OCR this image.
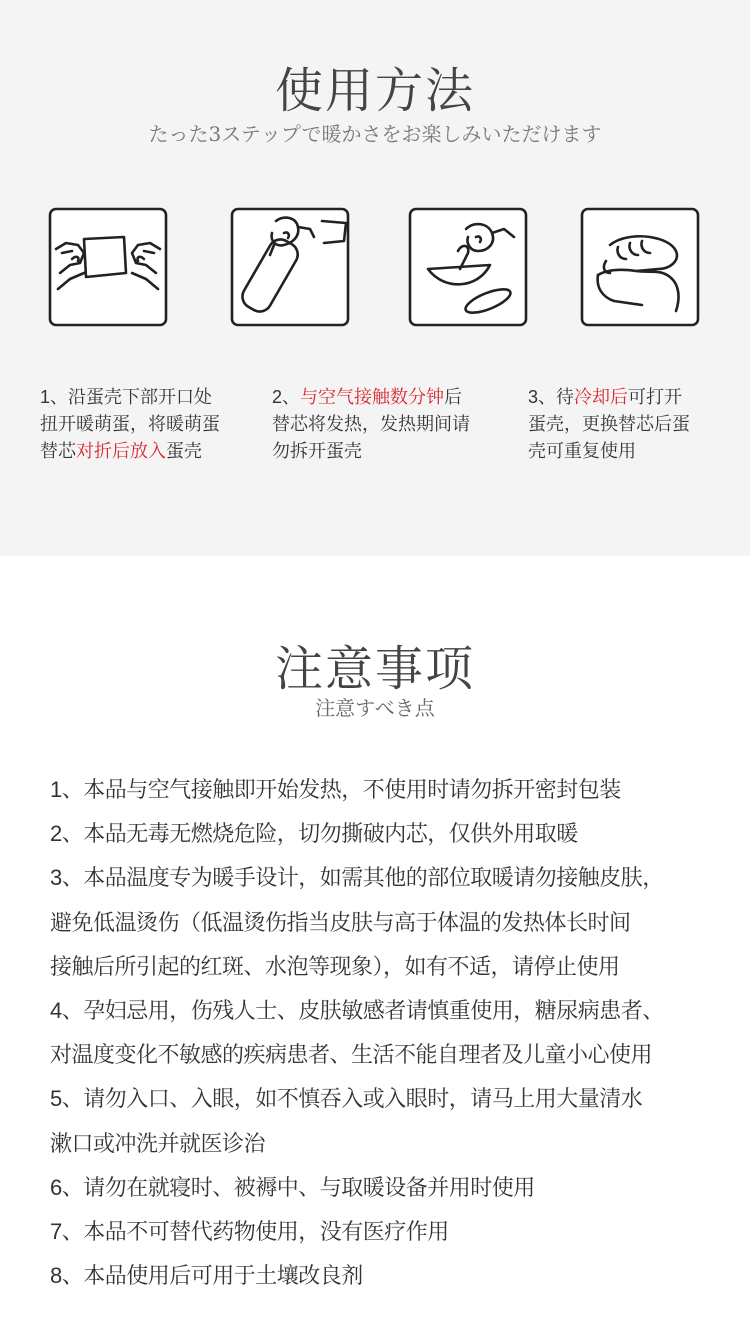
使用方法
たった3ステップで暖かさをお楽しみいただけます
1、沿蛋壳下部开口处
扭开暖萌蛋，将暖萌蛋
替芯对折后放入蛋壳
2、与空气接触数分钟后
替芯将发热，发热期间请
勿拆开蛋壳
3、待冷却后可打开
蛋壳，更换替芯后蛋
壳可重复使用
注意事项
注意すべき点
1、本品与空气接触即开始发热，不使用时请勿拆开密封包装
2、本品无毒无燃烧危险，切勿撕破内芯，仅供外用取暖
3、本品温度专为暖手设计，如需其他的部位取暖请勿接触皮肤，
避免低温烫伤（低温烫伤指当皮肤与高于体温的发热体长时间
接触后所引起的红斑、水泡等现象），如有不适，请停止使用
4、孕妇忌用，伤残人士、皮肤敏感者请慎重使用，糖尿病患者、
对温度变化不敏感的疾病患者、生活不能自理者及儿童小心使用
5、请勿入口、入眼，如不慎吞入或入眼时，请马上用大量清水
漱口或冲洗并就医诊治
6、请勿在就寝时、被褥中、与取暖设备并用时使用
7、本品不可替代药物使用，没有医疗作用
8、本品使用后可用于土壤改良剂
